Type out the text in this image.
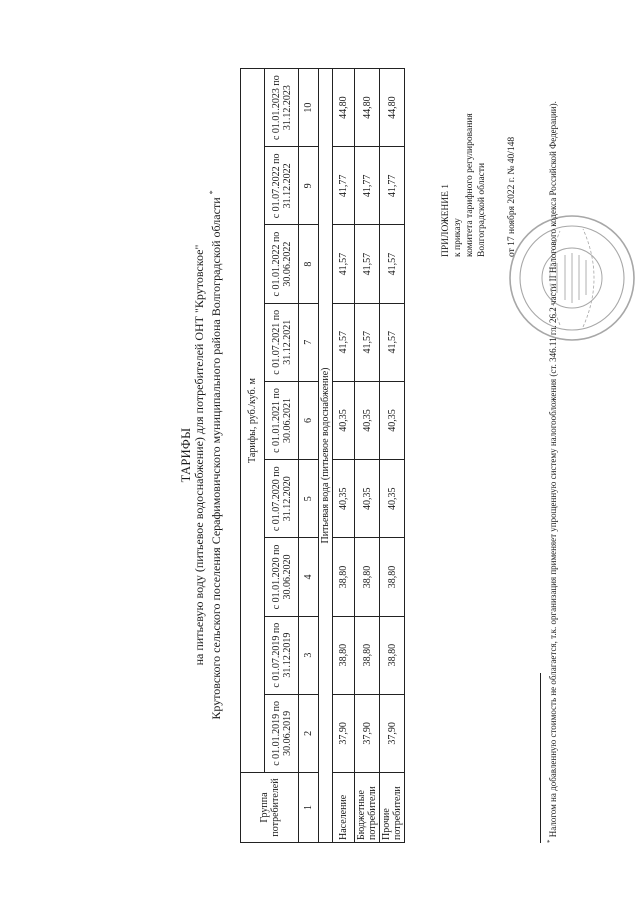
ПРИЛОЖЕНИЕ 1 к приказу комитета тарифного регулирования Волгоградской области от 17 ноября 2022 г. № 40/148
ТАРИФЫ на питьевую воду (питьевое водоснабжение) для потребителей ОНТ "Крутовское" Крутовского сельского поселения Серафимовичского муниципального района Волгоградской области *
Группа потребителей	Тарифы, руб./куб. м								
	с 01.01.2019 по 30.06.2019	с 01.07.2019 по 31.12.2019	с 01.01.2020 по 30.06.2020	с 01.07.2020 по 31.12.2020	с 01.01.2021 по 30.06.2021	с 01.07.2021 по 31.12.2021	с 01.01.2022 по 30.06.2022	с 01.07.2022 по 31.12.2022	с 01.01.2023 по 31.12.2023
1	2	3	4	5	6	7	8	9	10
Питьевая вода (питьевое водоснабжение)									
Население	37,90	38,80	38,80	40,35	40,35	41,57	41,57	41,77	44,80
Бюджетные потребители	37,90	38,80	38,80	40,35	40,35	41,57	41,57	41,77	44,80
Прочие потребители	37,90	38,80	38,80	40,35	40,35	41,57	41,57	41,77	44,80
* Налогом на добавленную стоимость не облагается, т.к. организация применяет упрощенную систему налогообложения (ст. 346.11 гл. 26.2 части II Налогового кодекса Российской Федерации).
